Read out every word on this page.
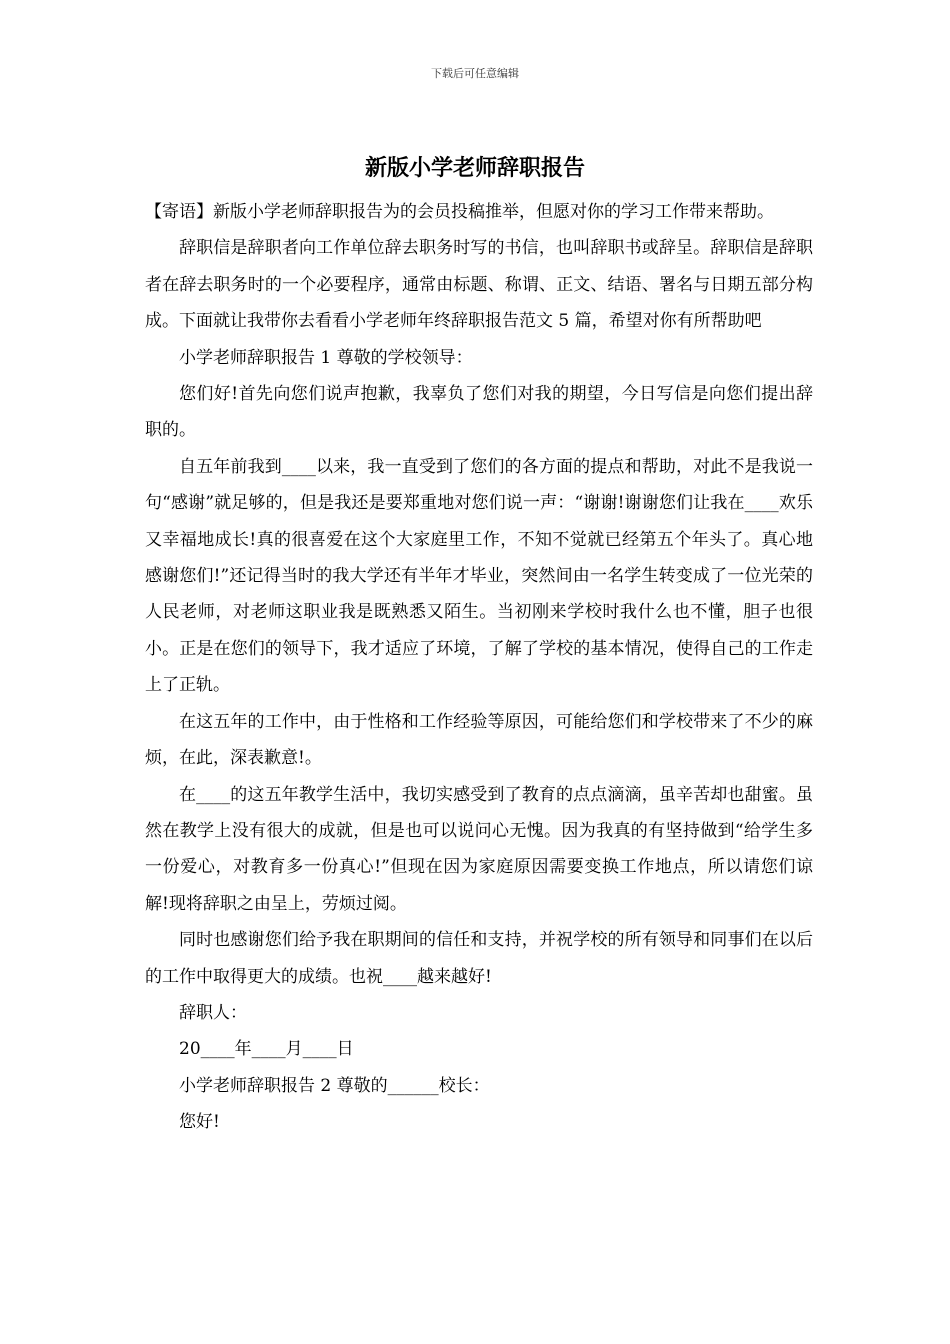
下载后可任意编辑
新版小学老师辞职报告

【寄语】新版小学老师辞职报告为的会员投稿推举，但愿对你的学习工作带来帮助。

辞职信是辞职者向工作单位辞去职务时写的书信，也叫辞职书或辞呈。辞职信是辞职者在辞去职务时的一个必要程序，通常由标题、称谓、正文、结语、署名与日期五部分构成。下面就让我带你去看看小学老师年终辞职报告范文 5 篇，希望对你有所帮助吧

小学老师辞职报告 1 尊敬的学校领导：

您们好!首先向您们说声抱歉，我辜负了您们对我的期望，今日写信是向您们提出辞职的。

自五年前我到____以来，我一直受到了您们的各方面的提点和帮助，对此不是我说一句“感谢”就足够的，但是我还是要郑重地对您们说一声：“谢谢!谢谢您们让我在____欢乐又幸福地成长!真的很喜爱在这个大家庭里工作，不知不觉就已经第五个年头了。真心地感谢您们!”还记得当时的我大学还有半年才毕业，突然间由一名学生转变成了一位光荣的人民老师，对老师这职业我是既熟悉又陌生。当初刚来学校时我什么也不懂，胆子也很小。正是在您们的领导下，我才适应了环境，了解了学校的基本情况，使得自己的工作走上了正轨。

在这五年的工作中，由于性格和工作经验等原因，可能给您们和学校带来了不少的麻烦，在此，深表歉意!。

在____的这五年教学生活中，我切实感受到了教育的点点滴滴，虽辛苦却也甜蜜。虽然在教学上没有很大的成就，但是也可以说问心无愧。因为我真的有坚持做到“给学生多一份爱心，对教育多一份真心!”但现在因为家庭原因需要变换工作地点，所以请您们谅解!现将辞职之由呈上，劳烦过阅。

同时也感谢您们给予我在职期间的信任和支持，并祝学校的所有领导和同事们在以后的工作中取得更大的成绩。也祝____越来越好!

辞职人：

20____年____月____日

小学老师辞职报告 2 尊敬的______校长：

您好!
